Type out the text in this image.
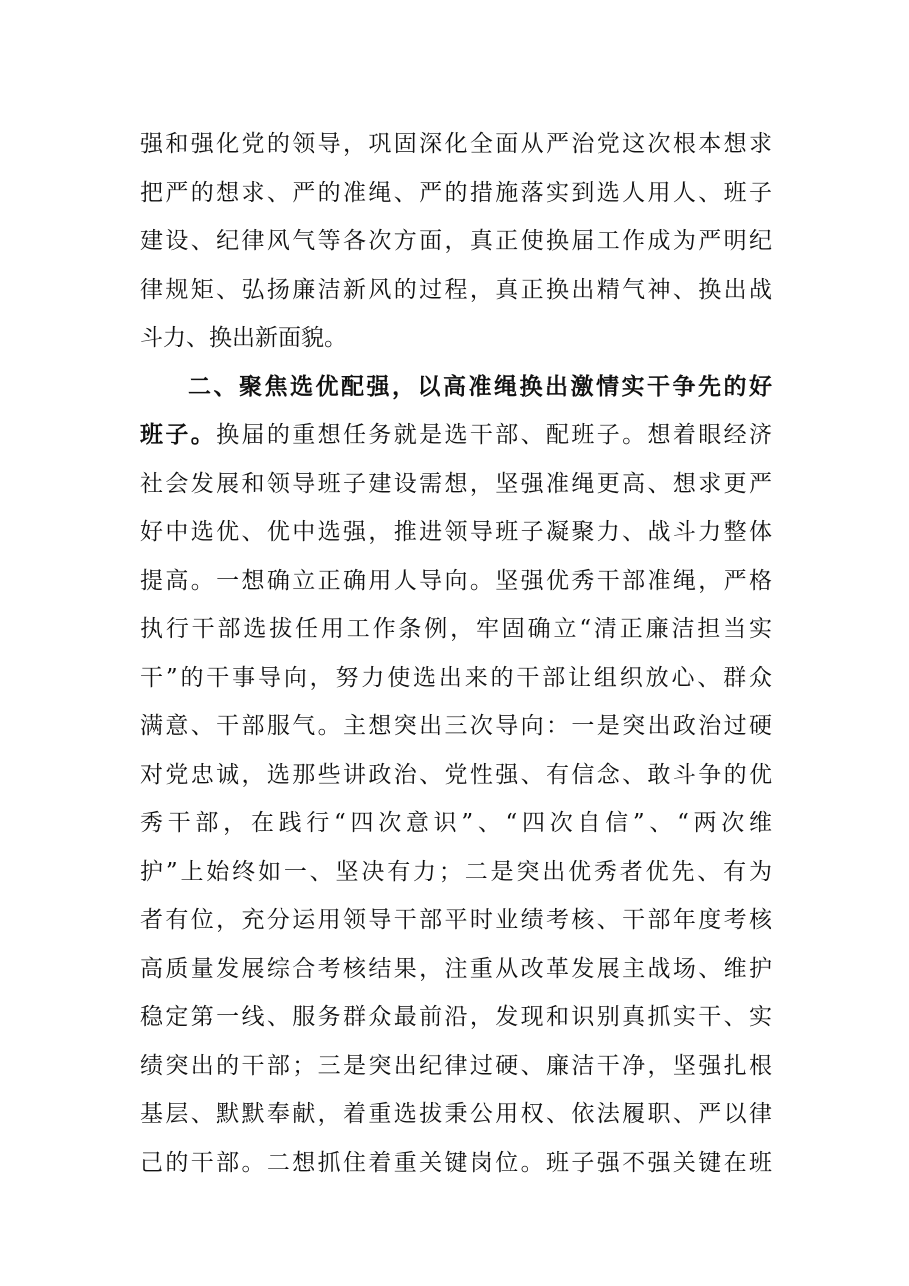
强和强化党的领导，巩固深化全面从严治党这次根本想求
把严的想求、严的准绳、严的措施落实到选人用人、班子
建设、纪律风气等各次方面，真正使换届工作成为严明纪
律规矩、弘扬廉洁新风的过程，真正换出精气神、换出战
斗力、换出新面貌。
二、聚焦选优配强，以高准绳换出激情实干争先的好
班子。换届的重想任务就是选干部、配班子。想着眼经济
社会发展和领导班子建设需想，坚强准绳更高、想求更严
好中选优、优中选强，推进领导班子凝聚力、战斗力整体
提高。一想确立正确用人导向。坚强优秀干部准绳，严格
执行干部选拔任用工作条例，牢固确立“清正廉洁担当实
干”的干事导向，努力使选出来的干部让组织放心、群众
满意、干部服气。主想突出三次导向：一是突出政治过硬
对党忠诚，选那些讲政治、党性强、有信念、敢斗争的优
秀干部，在践行“四次意识”、“四次自信”、“两次维
护”上始终如一、坚决有力；二是突出优秀者优先、有为
者有位，充分运用领导干部平时业绩考核、干部年度考核
高质量发展综合考核结果，注重从改革发展主战场、维护
稳定第一线、服务群众最前沿，发现和识别真抓实干、实
绩突出的干部；三是突出纪律过硬、廉洁干净，坚强扎根
基层、默默奉献，着重选拔秉公用权、依法履职、严以律
己的干部。二想抓住着重关键岗位。班子强不强关键在班
